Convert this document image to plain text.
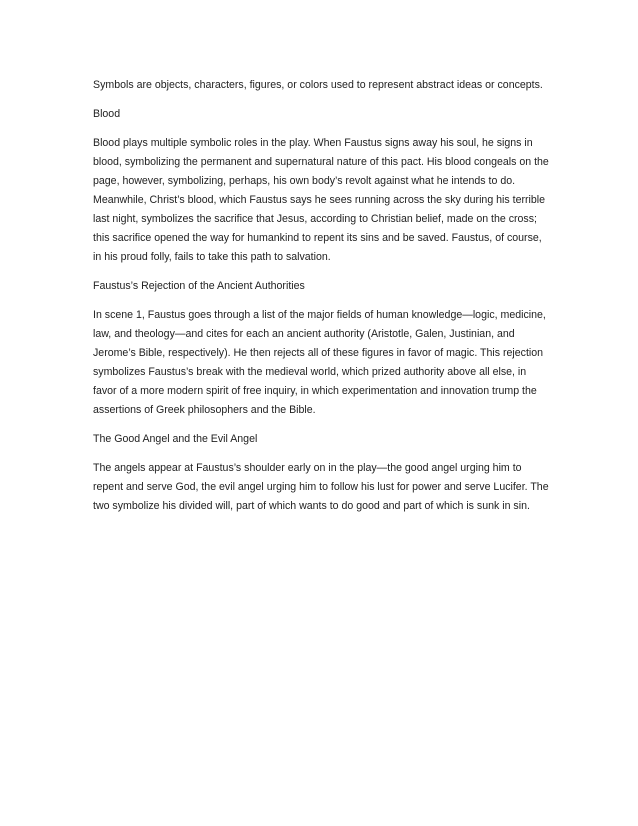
Symbols are objects, characters, figures, or colors used to represent abstract ideas or concepts.

Blood

Blood plays multiple symbolic roles in the play. When Faustus signs away his soul, he signs in blood, symbolizing the permanent and supernatural nature of this pact. His blood congeals on the page, however, symbolizing, perhaps, his own body’s revolt against what he intends to do. Meanwhile, Christ’s blood, which Faustus says he sees running across the sky during his terrible last night, symbolizes the sacrifice that Jesus, according to Christian belief, made on the cross; this sacrifice opened the way for humankind to repent its sins and be saved. Faustus, of course, in his proud folly, fails to take this path to salvation.

Faustus’s Rejection of the Ancient Authorities

In scene 1, Faustus goes through a list of the major fields of human knowledge—logic, medicine, law, and theology—and cites for each an ancient authority (Aristotle, Galen, Justinian, and Jerome’s Bible, respectively). He then rejects all of these figures in favor of magic. This rejection symbolizes Faustus’s break with the medieval world, which prized authority above all else, in favor of a more modern spirit of free inquiry, in which experimentation and innovation trump the assertions of Greek philosophers and the Bible.

The Good Angel and the Evil Angel

The angels appear at Faustus’s shoulder early on in the play—the good angel urging him to repent and serve God, the evil angel urging him to follow his lust for power and serve Lucifer. The two symbolize his divided will, part of which wants to do good and part of which is sunk in sin.
